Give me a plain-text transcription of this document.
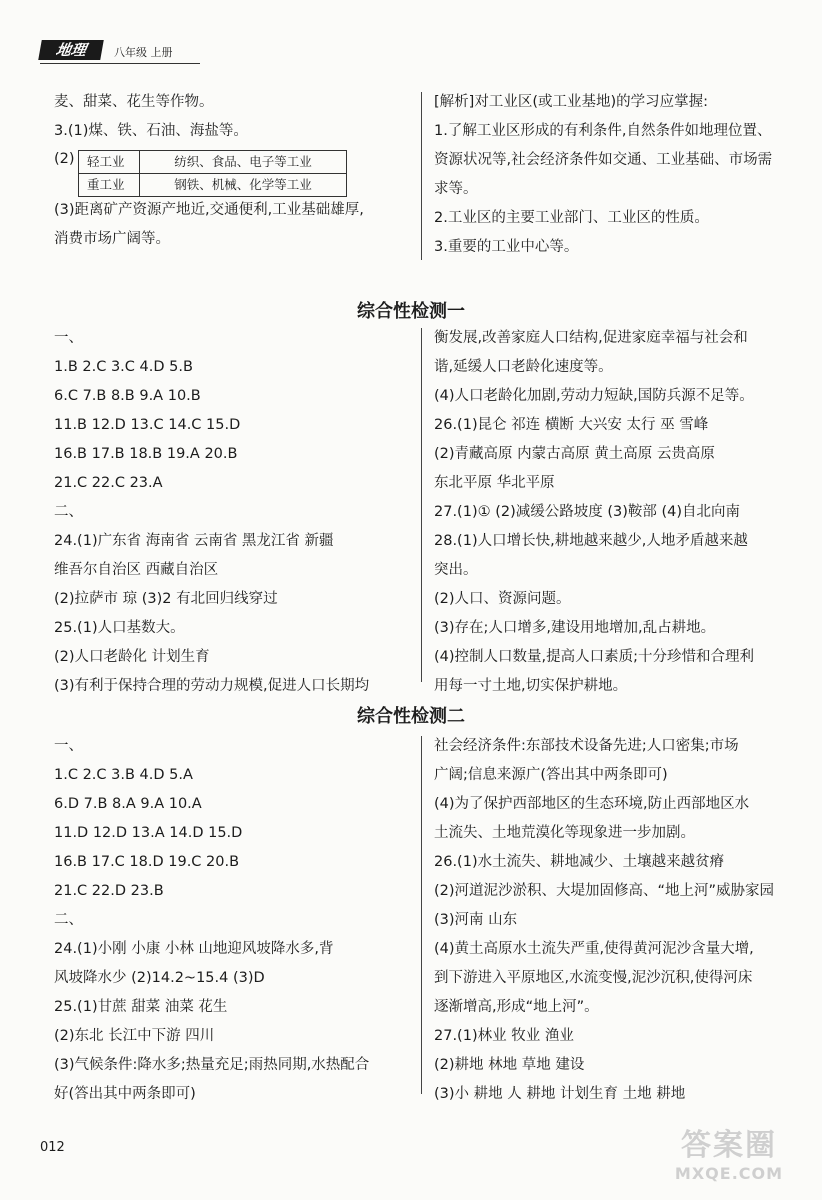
地理	八年级 上册
麦、甜菜、花生等作物。
3.(1)煤、铁、石油、海盐等。
(2) 轻工业	纺织、食品、电子等工业
重工业	钢铁、机械、化学等工业
(3)距离矿产资源产地近,交通便利,工业基础雄厚,
消费市场广阔等。
[解析]对工业区(或工业基地)的学习应掌握:
1.了解工业区形成的有利条件,自然条件如地理位置、
资源状况等,社会经济条件如交通、工业基础、市场需
求等。
2.工业区的主要工业部门、工业区的性质。
3.重要的工业中心等。
综合性检测一
一、
1.B 2.C 3.C 4.D 5.B
6.C 7.B 8.B 9.A 10.B
11.B 12.D 13.C 14.C 15.D
16.B 17.B 18.B 19.A 20.B
21.C 22.C 23.A
二、
24.(1)广东省 海南省 云南省 黑龙江省 新疆
维吾尔自治区 西藏自治区
(2)拉萨市 琼 (3)2 有北回归线穿过
25.(1)人口基数大。
(2)人口老龄化 计划生育
(3)有利于保持合理的劳动力规模,促进人口长期均
衡发展,改善家庭人口结构,促进家庭幸福与社会和
谐,延缓人口老龄化速度等。
(4)人口老龄化加剧,劳动力短缺,国防兵源不足等。
26.(1)昆仑 祁连 横断 大兴安 太行 巫 雪峰
(2)青藏高原 内蒙古高原 黄土高原 云贵高原
东北平原 华北平原
27.(1)① (2)减缓公路坡度 (3)鞍部 (4)自北向南
28.(1)人口增长快,耕地越来越少,人地矛盾越来越
突出。
(2)人口、资源问题。
(3)存在;人口增多,建设用地增加,乱占耕地。
(4)控制人口数量,提高人口素质;十分珍惜和合理利
用每一寸土地,切实保护耕地。
综合性检测二
一、
1.C 2.C 3.B 4.D 5.A
6.D 7.B 8.A 9.A 10.A
11.D 12.D 13.A 14.D 15.D
16.B 17.C 18.D 19.C 20.B
21.C 22.D 23.B
二、
24.(1)小刚 小康 小林 山地迎风坡降水多,背
风坡降水少 (2)14.2~15.4 (3)D
25.(1)甘蔗 甜菜 油菜 花生
(2)东北 长江中下游 四川
(3)气候条件:降水多;热量充足;雨热同期,水热配合
好(答出其中两条即可)
社会经济条件:东部技术设备先进;人口密集;市场
广阔;信息来源广(答出其中两条即可)
(4)为了保护西部地区的生态环境,防止西部地区水
土流失、土地荒漠化等现象进一步加剧。
26.(1)水土流失、耕地减少、土壤越来越贫瘠
(2)河道泥沙淤积、大堤加固修高、“地上河”威胁家园
(3)河南 山东
(4)黄土高原水土流失严重,使得黄河泥沙含量大增,
到下游进入平原地区,水流变慢,泥沙沉积,使得河床
逐渐增高,形成“地上河”。
27.(1)林业 牧业 渔业
(2)耕地 林地 草地 建设
(3)小 耕地 人 耕地 计划生育 土地 耕地
012	答案圈
MXQE.COM
